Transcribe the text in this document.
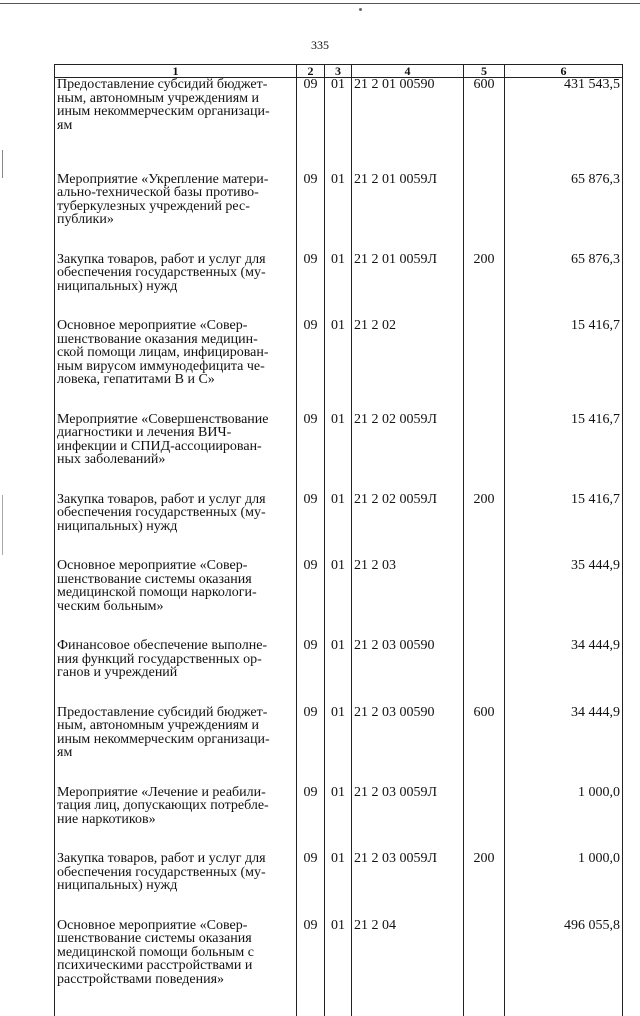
335
1	2	3	4	5	6
Предоставление субсидий бюджет-
ным, автономным учреждениям и
иным некоммерческим организаци-
ям	09	01	21 2 01 00590	600	431 543,5

Мероприятие «Укрепление матери-
ально-технической базы противо-
туберкулезных учреждений рес-
публики»	09	01	21 2 01 0059Л		65 876,3

Закупка товаров, работ и услуг для
обеспечения государственных (му-
ниципальных) нужд	09	01	21 2 01 0059Л	200	65 876,3

Основное мероприятие «Совер-
шенствование оказания медицин-
ской помощи лицам, инфицирован-
ным вирусом иммунодефицита че-
ловека, гепатитами В и С»	09	01	21 2 02		15 416,7

Мероприятие «Совершенствование
диагностики и лечения ВИЧ-
инфекции и СПИД-ассоциирован-
ных заболеваний»	09	01	21 2 02 0059Л		15 416,7

Закупка товаров, работ и услуг для
обеспечения государственных (му-
ниципальных) нужд	09	01	21 2 02 0059Л	200	15 416,7

Основное мероприятие «Совер-
шенствование системы оказания
медицинской помощи наркологи-
ческим больным»	09	01	21 2 03		35 444,9

Финансовое обеспечение выполне-
ния функций государственных ор-
ганов и учреждений	09	01	21 2 03 00590		34 444,9

Предоставление субсидий бюджет-
ным, автономным учреждениям и
иным некоммерческим организаци-
ям	09	01	21 2 03 00590	600	34 444,9

Мероприятие «Лечение и реабили-
тация лиц, допускающих потребле-
ние наркотиков»	09	01	21 2 03 0059Л		1 000,0

Закупка товаров, работ и услуг для
обеспечения государственных (му-
ниципальных) нужд	09	01	21 2 03 0059Л	200	1 000,0

Основное мероприятие «Совер-
шенствование системы оказания
медицинской помощи больным с
психическими расстройствами и
расстройствами поведения»	09	01	21 2 04		496 055,8
